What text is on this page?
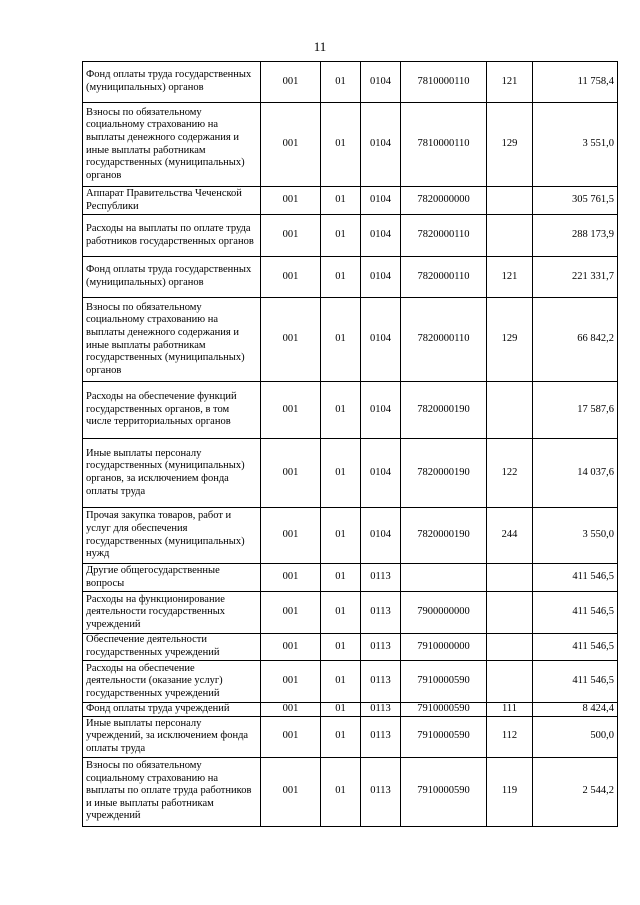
11
Фонд оплаты труда государственных (муниципальных) органов	001	01	0104	7810000110	121	11 758,4
Взносы по обязательному социальному страхованию на выплаты денежного содержания и иные выплаты работникам государственных (муниципальных) органов	001	01	0104	7810000110	129	3 551,0
Аппарат Правительства Чеченской Республики	001	01	0104	7820000000		305 761,5
Расходы на выплаты по оплате труда работников государственных органов	001	01	0104	7820000110		288 173,9
Фонд оплаты труда государственных (муниципальных) органов	001	01	0104	7820000110	121	221 331,7
Взносы по обязательному социальному страхованию на выплаты денежного содержания и иные выплаты работникам государственных (муниципальных) органов	001	01	0104	7820000110	129	66 842,2
Расходы на обеспечение функций государственных органов, в том числе территориальных органов	001	01	0104	7820000190		17 587,6
Иные выплаты персоналу государственных (муниципальных) органов, за исключением фонда оплаты труда	001	01	0104	7820000190	122	14 037,6
Прочая закупка товаров, работ и услуг для обеспечения государственных (муниципальных) нужд	001	01	0104	7820000190	244	3 550,0
Другие общегосударственные вопросы	001	01	0113			411 546,5
Расходы на функционирование деятельности государственных учреждений	001	01	0113	7900000000		411 546,5
Обеспечение деятельности государственных учреждений	001	01	0113	7910000000		411 546,5
Расходы на обеспечение деятельности (оказание услуг) государственных учреждений	001	01	0113	7910000590		411 546,5
Фонд оплаты труда учреждений	001	01	0113	7910000590	111	8 424,4
Иные выплаты персоналу учреждений, за исключением фонда оплаты труда	001	01	0113	7910000590	112	500,0
Взносы по обязательному социальному страхованию на выплаты по оплате труда работников и иные выплаты работникам учреждений	001	01	0113	7910000590	119	2 544,2
